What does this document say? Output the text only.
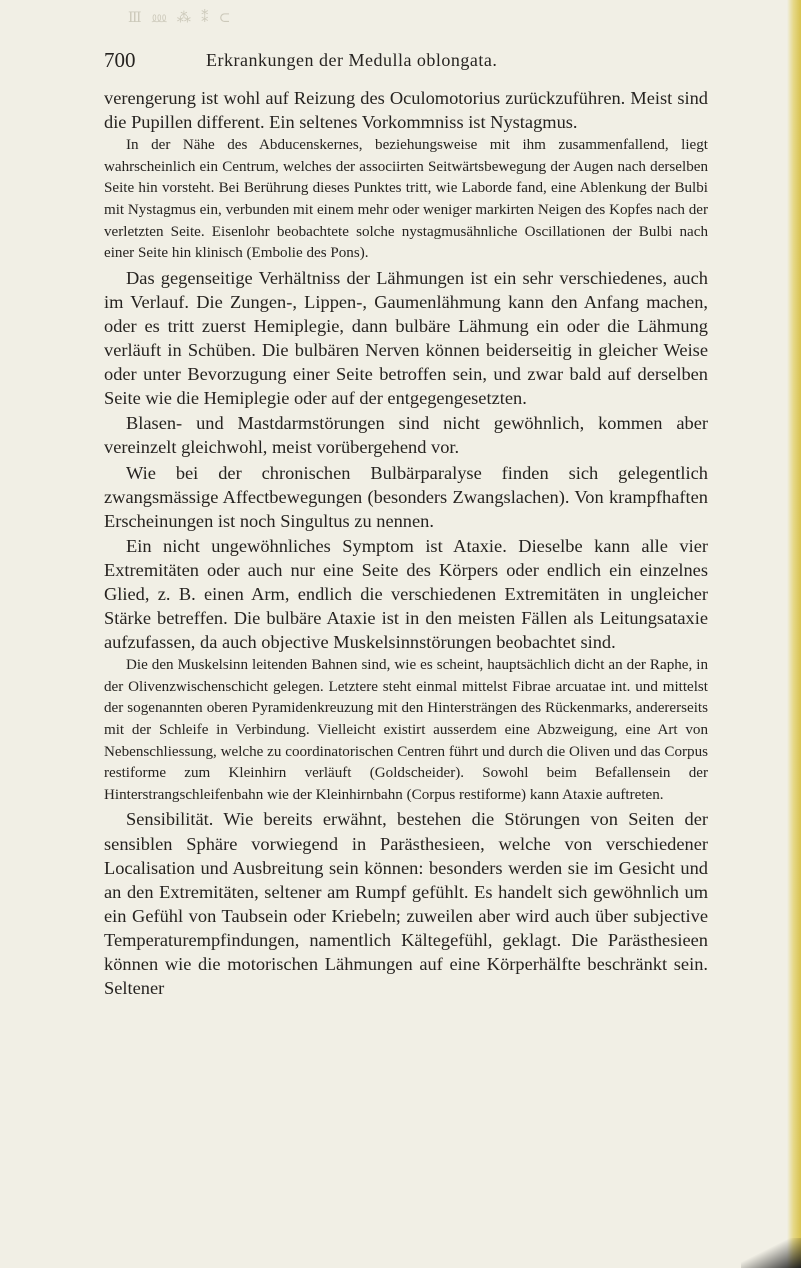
Ⅲ ⅏ ⁂ ⁑ ⊂
700	Erkrankungen der Medulla oblongata.

verengerung ist wohl auf Reizung des Oculomotorius zurückzuführen. Meist sind die Pupillen different. Ein seltenes Vorkommniss ist Nystagmus.

In der Nähe des Abducenskernes, beziehungsweise mit ihm zusammenfallend, liegt wahrscheinlich ein Centrum, welches der associirten Seitwärtsbewegung der Augen nach derselben Seite hin vorsteht. Bei Berührung dieses Punktes tritt, wie Laborde fand, eine Ablenkung der Bulbi mit Nystagmus ein, verbunden mit einem mehr oder weniger markirten Neigen des Kopfes nach der verletzten Seite. Eisenlohr beobachtete solche nystagmusähnliche Oscillationen der Bulbi nach einer Seite hin klinisch (Embolie des Pons).

Das gegenseitige Verhältniss der Lähmungen ist ein sehr verschiedenes, auch im Verlauf. Die Zungen-, Lippen-, Gaumenlähmung kann den Anfang machen, oder es tritt zuerst Hemiplegie, dann bulbäre Lähmung ein oder die Lähmung verläuft in Schüben. Die bulbären Nerven können beiderseitig in gleicher Weise oder unter Bevorzugung einer Seite betroffen sein, und zwar bald auf derselben Seite wie die Hemiplegie oder auf der entgegengesetzten.

Blasen- und Mastdarmstörungen sind nicht gewöhnlich, kommen aber vereinzelt gleichwohl, meist vorübergehend vor.

Wie bei der chronischen Bulbärparalyse finden sich gelegentlich zwangsmässige Affectbewegungen (besonders Zwangslachen). Von krampfhaften Erscheinungen ist noch Singultus zu nennen.

Ein nicht ungewöhnliches Symptom ist Ataxie. Dieselbe kann alle vier Extremitäten oder auch nur eine Seite des Körpers oder endlich ein einzelnes Glied, z. B. einen Arm, endlich die verschiedenen Extremitäten in ungleicher Stärke betreffen. Die bulbäre Ataxie ist in den meisten Fällen als Leitungsataxie aufzufassen, da auch objective Muskelsinnstörungen beobachtet sind.

Die den Muskelsinn leitenden Bahnen sind, wie es scheint, hauptsächlich dicht an der Raphe, in der Olivenzwischenschicht gelegen. Letztere steht einmal mittelst Fibrae arcuatae int. und mittelst der sogenannten oberen Pyramidenkreuzung mit den Hintersträngen des Rückenmarks, andererseits mit der Schleife in Verbindung. Vielleicht existirt ausserdem eine Abzweigung, eine Art von Nebenschliessung, welche zu coordinatorischen Centren führt und durch die Oliven und das Corpus restiforme zum Kleinhirn verläuft (Goldscheider). Sowohl beim Befallensein der Hinterstrangschleifenbahn wie der Kleinhirnbahn (Corpus restiforme) kann Ataxie auftreten.

Sensibilität. Wie bereits erwähnt, bestehen die Störungen von Seiten der sensiblen Sphäre vorwiegend in Parästhesieen, welche von verschiedener Localisation und Ausbreitung sein können: besonders werden sie im Gesicht und an den Extremitäten, seltener am Rumpf gefühlt. Es handelt sich gewöhnlich um ein Gefühl von Taubsein oder Kriebeln; zuweilen aber wird auch über subjective Temperaturempfindungen, namentlich Kältegefühl, geklagt. Die Parästhesieen können wie die motorischen Lähmungen auf eine Körperhälfte beschränkt sein. Seltener
